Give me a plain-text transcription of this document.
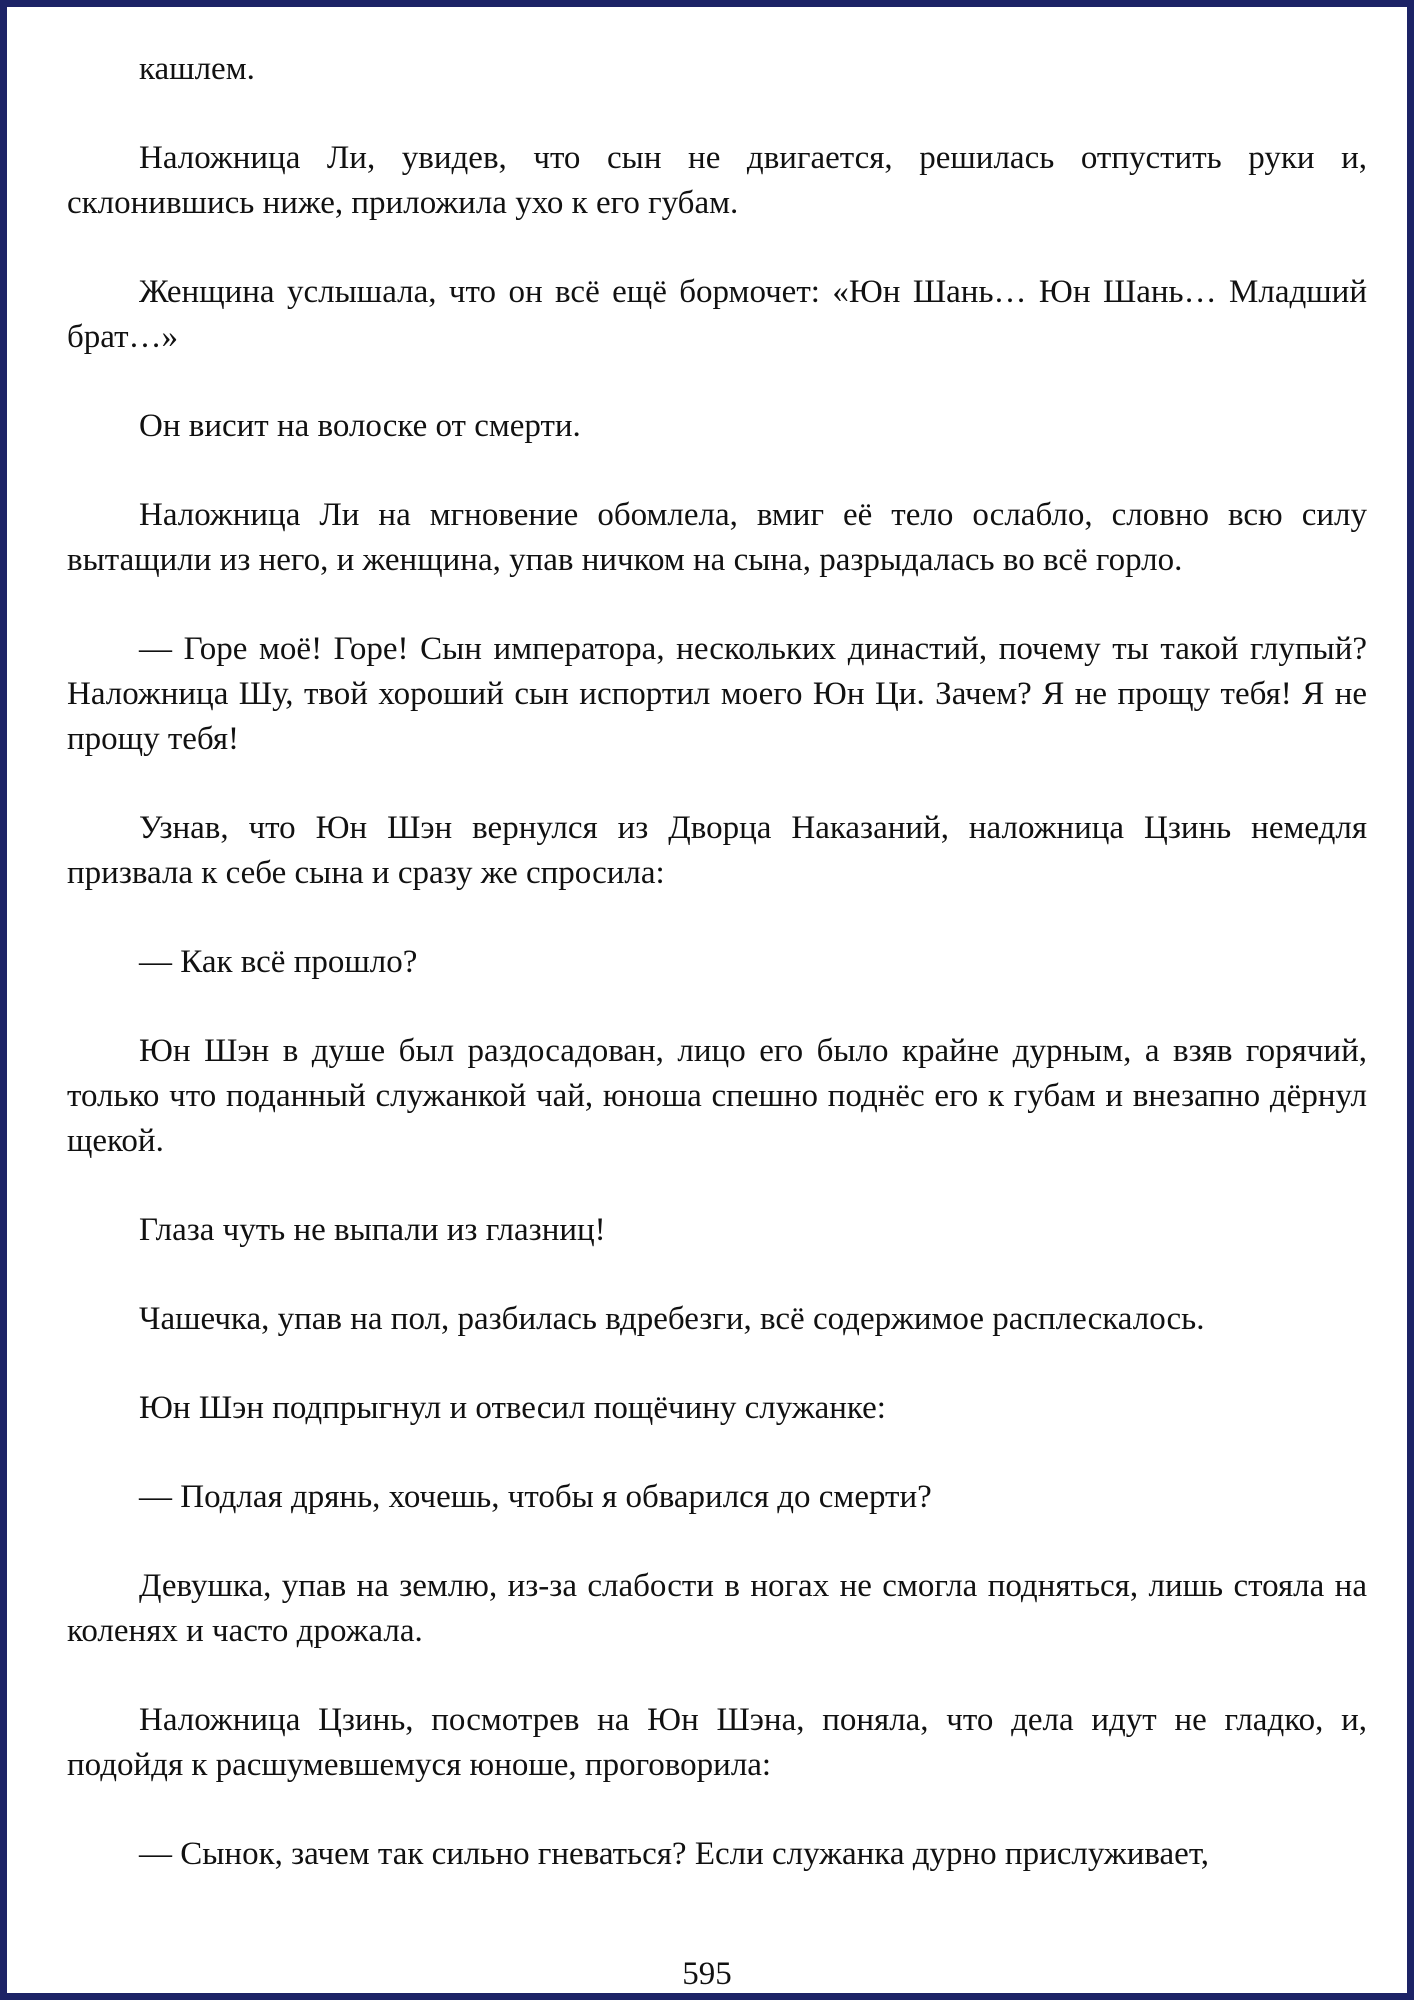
кашлем.

Наложница Ли, увидев, что сын не двигается, решилась отпустить руки и, склонившись ниже, приложила ухо к его губам.

Женщина услышала, что он всё ещё бормочет: «Юн Шань… Юн Шань… Младший брат…»

Он висит на волоске от смерти.

Наложница Ли на мгновение обомлела, вмиг её тело ослабло, словно всю силу вытащили из него, и женщина, упав ничком на сына, разрыдалась во всё горло.

— Горе моё! Горе! Сын императора, нескольких династий, почему ты такой глупый? Наложница Шу, твой хороший сын испортил моего Юн Ци. Зачем? Я не прощу тебя! Я не прощу тебя!

Узнав, что Юн Шэн вернулся из Дворца Наказаний, наложница Цзинь немедля призвала к себе сына и сразу же спросила:

— Как всё прошло?

Юн Шэн в душе был раздосадован, лицо его было крайне дурным, а взяв горячий, только что поданный служанкой чай, юноша спешно поднёс его к губам и внезапно дёрнул щекой.

Глаза чуть не выпали из глазниц!

Чашечка, упав на пол, разбилась вдребезги, всё содержимое расплескалось.

Юн Шэн подпрыгнул и отвесил пощёчину служанке:

— Подлая дрянь, хочешь, чтобы я обварился до смерти?

Девушка, упав на землю, из-за слабости в ногах не смогла подняться, лишь стояла на коленях и часто дрожала.

Наложница Цзинь, посмотрев на Юн Шэна, поняла, что дела идут не гладко, и, подойдя к расшумевшемуся юноше, проговорила:

— Сынок, зачем так сильно гневаться? Если служанка дурно прислуживает,

595
